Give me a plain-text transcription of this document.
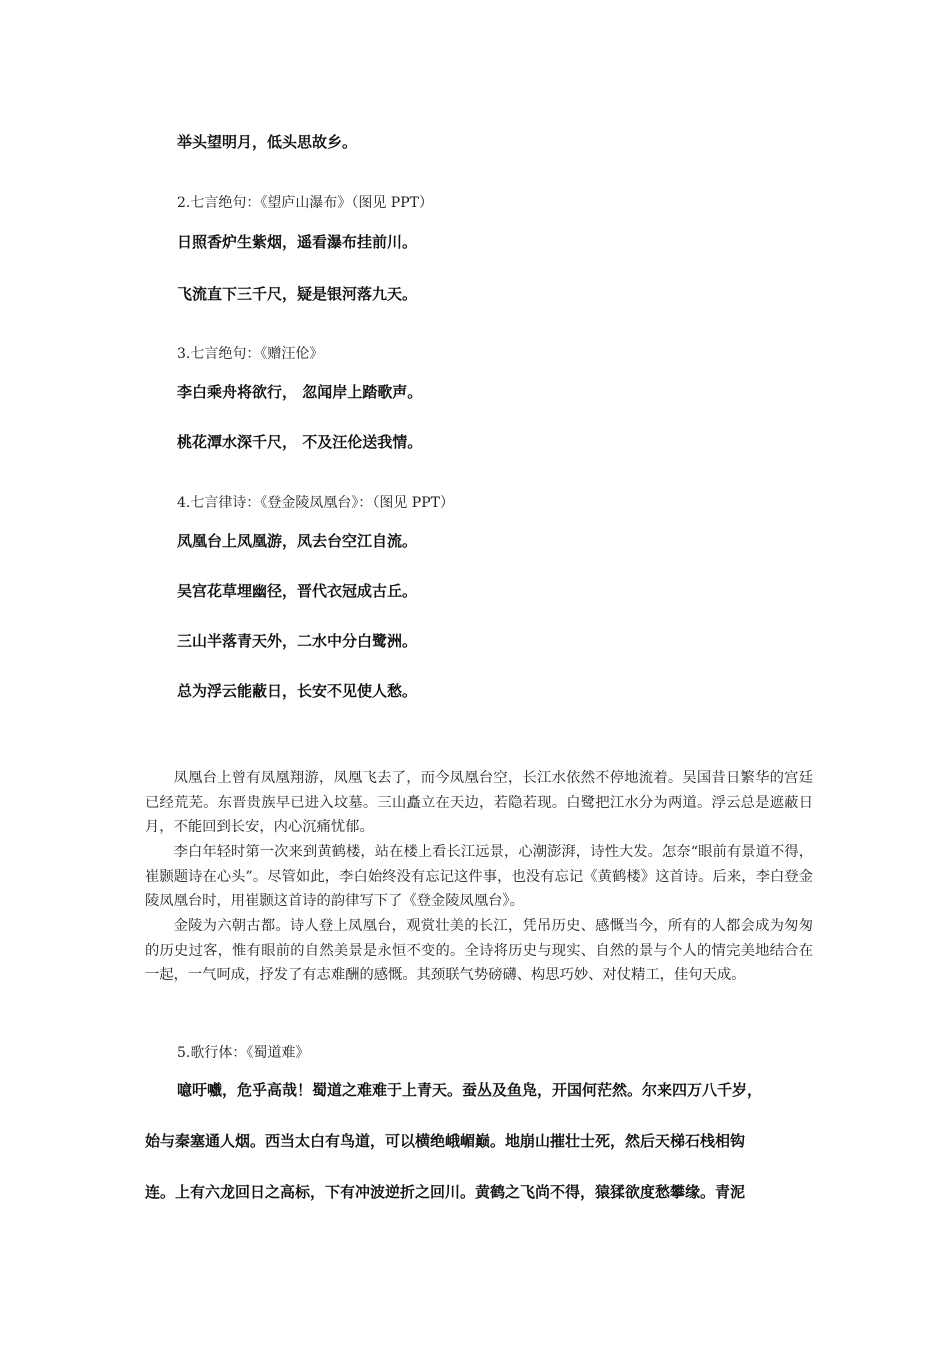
举头望明月，低头思故乡。
2.七言绝句：《望庐山瀑布》（图见 PPT）
日照香炉生紫烟，遥看瀑布挂前川。
飞流直下三千尺，疑是银河落九天。
3.七言绝句：《赠汪伦》
李白乘舟将欲行， 忽闻岸上踏歌声。
桃花潭水深千尺， 不及汪伦送我情。
4.七言律诗：《登金陵凤凰台》：（图见 PPT）
凤凰台上凤凰游，凤去台空江自流。
吴宫花草埋幽径，晋代衣冠成古丘。
三山半落青天外，二水中分白鹭洲。
总为浮云能蔽日，长安不见使人愁。

凤凰台上曾有凤凰翔游，凤凰飞去了，而今凤凰台空，长江水依然不停地流着。吴国昔日繁华的宫廷已经荒芜。东晋贵族早已进入坟墓。三山矗立在天边，若隐若现。白鹭把江水分为两道。浮云总是遮蔽日月，不能回到长安，内心沉痛忧郁。

李白年轻时第一次来到黄鹤楼，站在楼上看长江远景，心潮澎湃，诗性大发。怎奈“眼前有景道不得，崔颢题诗在心头”。尽管如此，李白始终没有忘记这件事，也没有忘记《黄鹤楼》这首诗。后来，李白登金陵凤凰台时，用崔颢这首诗的韵律写下了《登金陵凤凰台》。

金陵为六朝古都。诗人登上凤凰台，观赏壮美的长江，凭吊历史、感慨当今，所有的人都会成为匆匆的历史过客，惟有眼前的自然美景是永恒不变的。全诗将历史与现实、自然的景与个人的情完美地结合在一起，一气呵成，抒发了有志难酬的感慨。其颈联气势磅礴、构思巧妙、对仗精工，佳句天成。

5.歌行体：《蜀道难》
噫吁嚱，危乎高哉！蜀道之难难于上青天。蚕丛及鱼凫，开国何茫然。尔来四万八千岁，
始与秦塞通人烟。西当太白有鸟道，可以横绝峨嵋巅。地崩山摧壮士死，然后天梯石栈相钩
连。上有六龙回日之高标，下有冲波逆折之回川。黄鹤之飞尚不得，猿猱欲度愁攀缘。青泥
